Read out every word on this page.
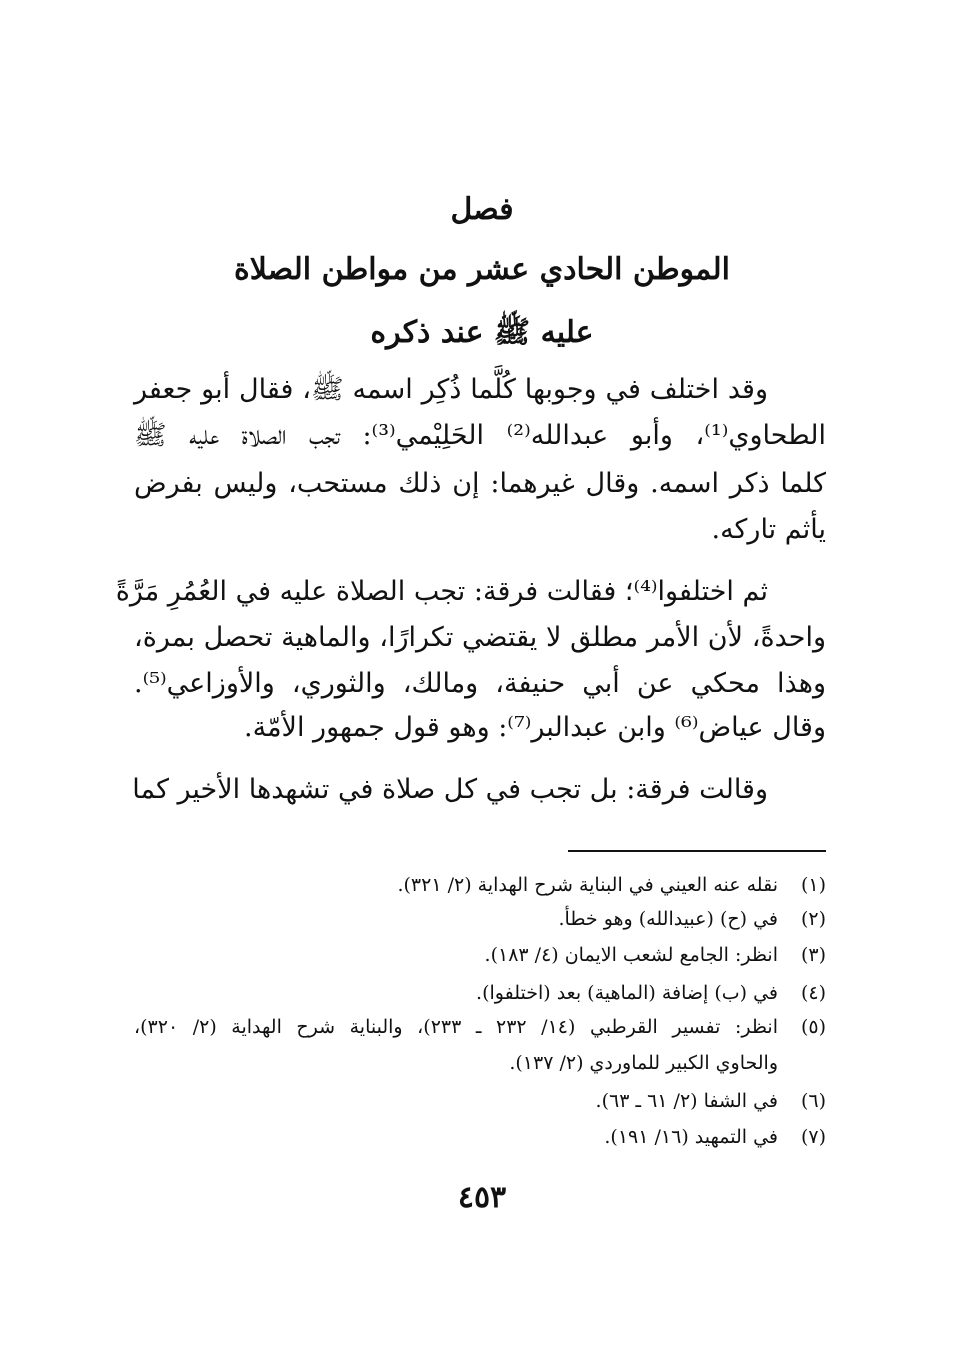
فصل
الموطن الحادي عشر من مواطن الصلاة
عليه ﷺ عند ذكره
وقد اختلف في وجوبها كُلَّما ذُكِر اسمه ﷺ، فقال أبو جعفر
الطحاوي⁽¹⁾، وأبو عبدالله⁽²⁾ الحَلِيْمي⁽³⁾: تجب الصلاة عليه ﷺ
كلما ذكر اسمه. وقال غيرهما: إن ذلك مستحب، وليس بفرض
يأثم تاركه.
ثم اختلفوا⁽⁴⁾؛ فقالت فرقة: تجب الصلاة عليه في العُمُرِ مَرَّةً
واحدةً، لأن الأمر مطلق لا يقتضي تكرارًا، والماهية تحصل بمرة،
وهذا محكي عن أبي حنيفة، ومالك، والثوري، والأوزاعي⁽⁵⁾.
وقال عياض⁽⁶⁾ وابن عبدالبر⁽⁷⁾: وهو قول جمهور الأمّة.
وقالت فرقة: بل تجب في كل صلاة في تشهدها الأخير كما
(١)
نقله عنه العيني في البناية شرح الهداية (٢/ ٣٢١).
(٢)
في (ح) (عبيدالله) وهو خطأ.
(٣)
انظر: الجامع لشعب الايمان (٤/ ١٨٣).
(٤)
في (ب) إضافة (الماهية) بعد (اختلفوا).
(٥)
انظر: تفسير القرطبي (١٤/ ٢٣٢ ـ ٢٣٣)، والبناية شرح الهداية (٢/ ٣٢٠)،
والحاوي الكبير للماوردي (٢/ ١٣٧).
(٦)
في الشفا (٢/ ٦١ ـ ٦٣).
(٧)
في التمهيد (١٦/ ١٩١).
٤٥٣
